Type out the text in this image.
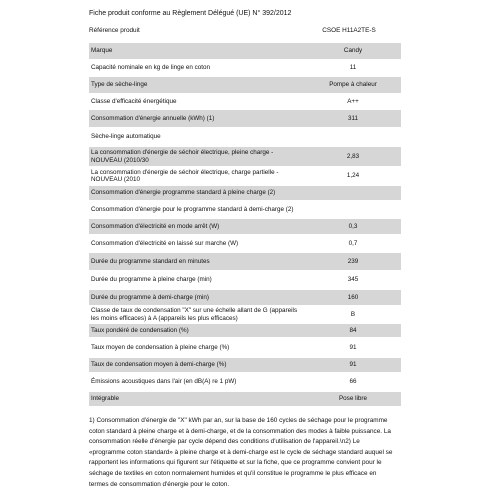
Fiche produit conforme au Règlement Délégué (UE) N° 392/2012
Référence produit	CSOE H11A2TE-S
Marque	Candy
Capacité nominale en kg de linge en coton	11
Type de sèche-linge	Pompe à chaleur
Classe d'efficacité énergétique	A++
Consommation d'énergie annuelle (kWh) (1)	311
Sèche-linge automatique	
La consommation d'énergie de séchoir électrique, pleine charge - NOUVEAU (2010/30	2,83
La consommation d'énergie de séchoir électrique, charge partielle - NOUVEAU (2010	1,24
Consommation d'énergie programme standard à pleine charge (2)	
Consommation d'énergie pour le programme standard à demi-charge (2)	
Consommation d'électricité en mode arrêt (W)	0,3
Consommation d'électricité en laissé sur marche (W)	0,7
Durée du programme standard en minutes	239
Durée du programme à pleine charge (min)	345
Durée du programme à demi-charge (min)	160
Classe de taux de condensation "X" sur une échelle allant de G (appareils les moins efficaces) à A (appareils les plus efficaces)	B
Taux pondéré de condensation (%)	84
Taux moyen de condensation à pleine charge (%)	91
Taux de condensation moyen à demi-charge (%)	91
Émissions acoustiques dans l'air (en dB(A) re 1 pW)	66
Intégrable	Pose libre
1) Consommation d'énergie de "X" kWh par an, sur la base de 160 cycles de séchage pour le programme coton standard à pleine charge et à demi-charge, et de la consommation des modes à faible puissance. La consommation réelle d'énergie par cycle dépend des conditions d'utilisation de l'appareil.\n2) Le «programme coton standard» à pleine charge et à demi-charge est le cycle de séchage standard auquel se rapportent les informations qui figurent sur l'étiquette et sur la fiche, que ce programme convient pour le séchage de textiles en coton normalement humides et qu'il constitue le programme le plus efficace en termes de consommation d'énergie pour le coton.
